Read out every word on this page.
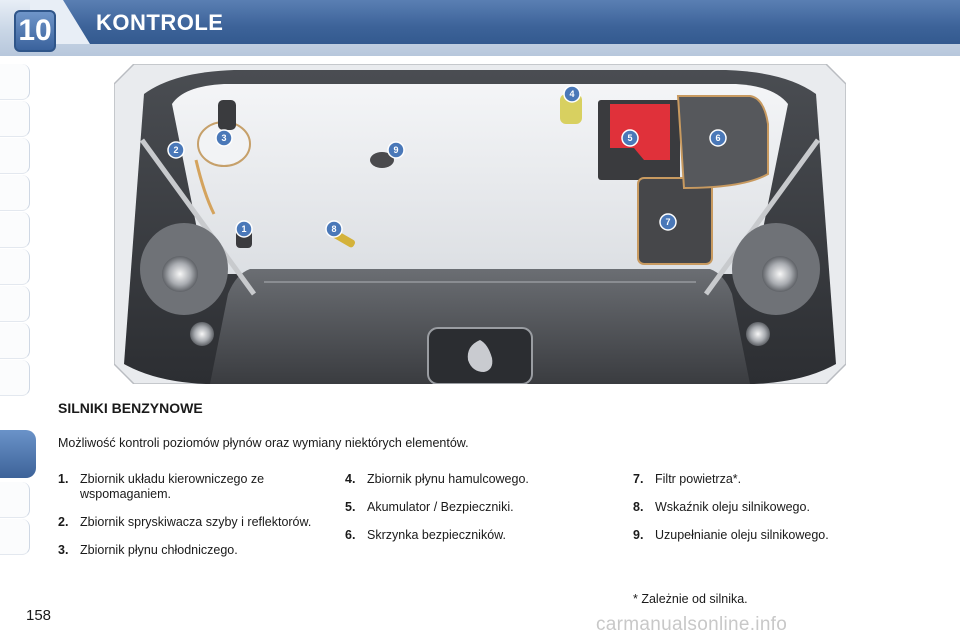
10 KONTROLE
1
2
3
4
5	6
7
8
9
SILNIKI BENZYNOWE
Możliwość kontroli poziomów płynów oraz wymiany niektórych elementów.
1. Zbiornik układu kierowniczego ze wspomaganiem.
2. Zbiornik spryskiwacza szyby i reflektorów.
3. Zbiornik płynu chłodniczego.
4. Zbiornik płynu hamulcowego.
5. Akumulator / Bezpieczniki.
6. Skrzynka bezpieczników.
7. Filtr powietrza*.
8. Wskaźnik oleju silnikowego.
9. Uzupełnianie oleju silnikowego.
* Zależnie od silnika.
158	carmanualsonline.info
